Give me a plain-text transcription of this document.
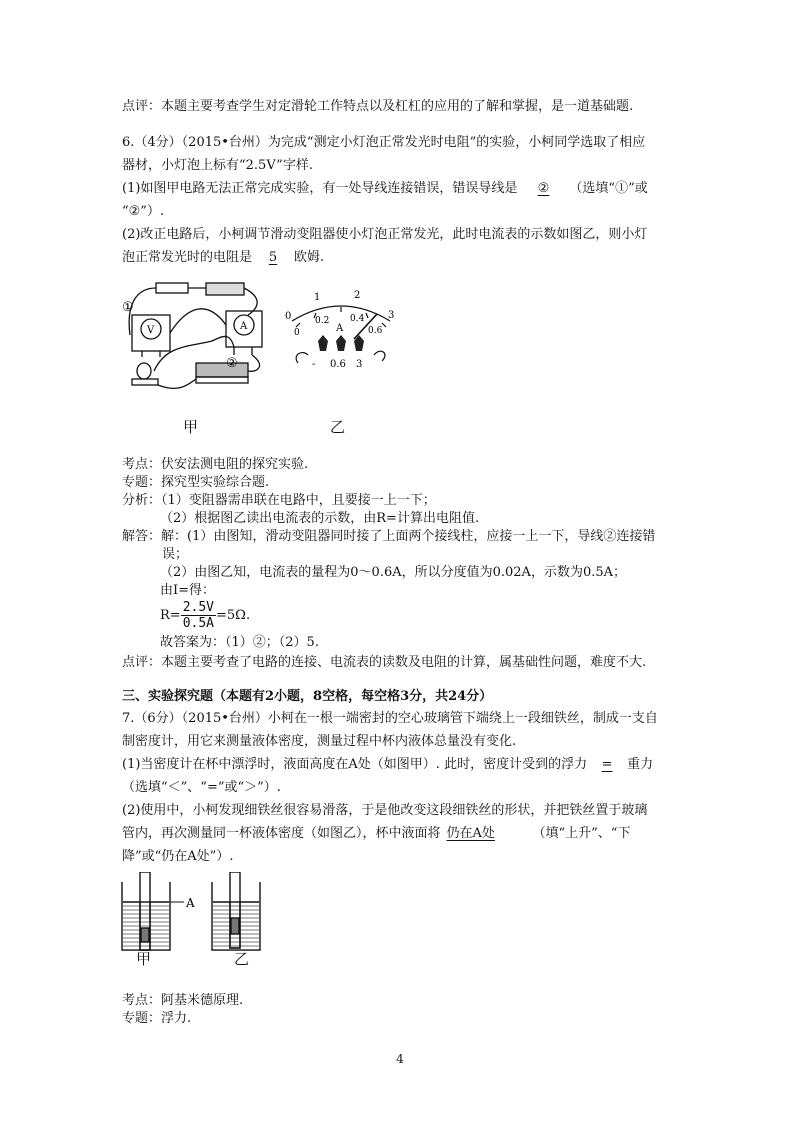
点评：本题主要考查学生对定滑轮工作特点以及杠杠的应用的了解和掌握，是一道基础题.
6.（4分）（2015•台州）为完成“测定小灯泡正常发光时电阻”的实验，小柯同学选取了相应
器材，小灯泡上标有“2.5V”字样.
(1)如图甲电路无法正常完成实验，有一处导线连接错误，错误导线是 ② （选填“①”或
“②”）.
(2)改正电路后，小柯调节滑动变阻器使小灯泡正常发光，此时电流表的示数如图乙，则小灯
泡正常发光时的电阻是 5 欧姆.
①
②
V	A
甲
0
1	2
3
0
0.2 0.4
0.6
A
- 0.6 3
乙
考点：伏安法测电阻的探究实验.
专题：探究型实验综合题.
分析：（1）变阻器需串联在电路中，且要接一上一下；
（2）根据图乙读出电流表的示数，由R=计算出电阻值.
解答：解：(1）由图知，滑动变阻器同时接了上面两个接线柱，应接一上一下，导线②连接错
误；
（2）由图乙知，电流表的量程为0～0.6A，所以分度值为0.02A，示数为0.5A；
由I=得：
$R= \frac{2.5V}{0.5A} =5\Omega$.
故答案为：（1）②；（2）5.
点评：本题主要考查了电路的连接、电流表的读数及电阻的计算，属基础性问题，难度不大.
三、实验探究题（本题有2小题，8空格，每空格3分，共24分）
7.（6分）（2015•台州）小柯在一根一端密封的空心玻璃管下端绕上一段细铁丝，制成一支自
制密度计，用它来测量液体密度，测量过程中杯内液体总量没有变化.
(1)当密度计在杯中漂浮时，液面高度在A处（如图甲）. 此时，密度计受到的浮力 = 重力
（选填“＜”、“=”或“＞”）.
(2)使用中，小柯发现细铁丝很容易滑落，于是他改变这段细铁丝的形状，并把铁丝置于玻璃
管内，再次测量同一杯液体密度（如图乙），杯中液面将 仍在A处	（填“上升”、“下
降”或“仍在A处”）.
A
甲	乙
考点：阿基米德原理.
专题：浮力.
4
